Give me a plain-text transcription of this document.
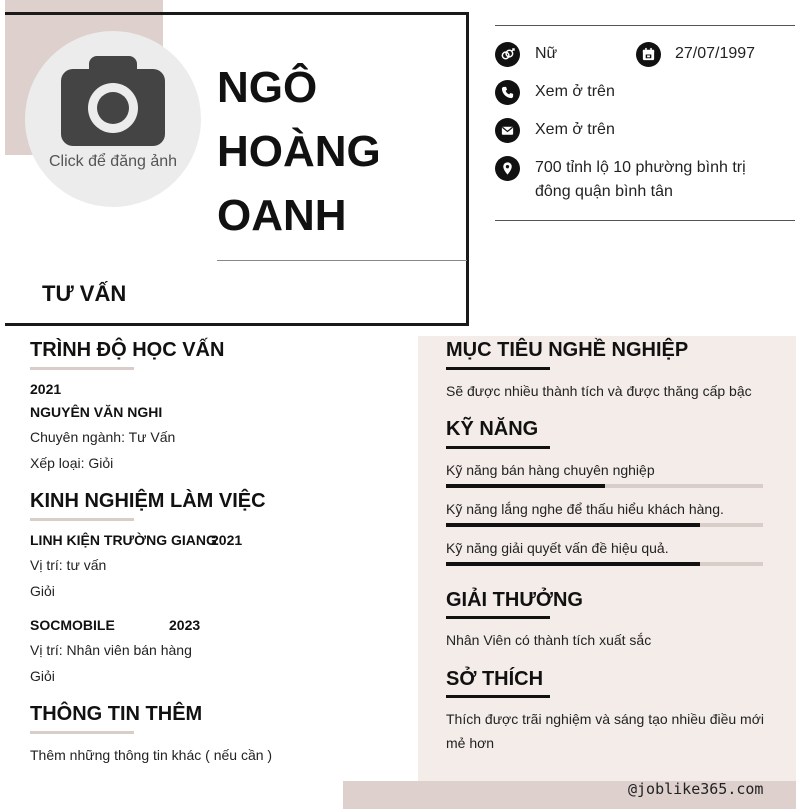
Click để đăng ảnh
NGÔ
HOÀNG
OANH
TƯ VẤN
Nữ	27/07/1997
Xem ở trên
Xem ở trên
700 tỉnh lộ 10 phường bình trị
đông quận bình tân
TRÌNH ĐỘ HỌC VẤN
2021
NGUYÊN VĂN NGHI
Chuyên ngành: Tư Vấn
Xếp loại: Giỏi
KINH NGHIỆM LÀM VIỆC
LINH KIỆN TRƯỜNG GIANG
2021
Vị trí: tư vấn
Giỏi
SOCMOBILE	2023
Vị trí: Nhân viên bán hàng
Giỏi
THÔNG TIN THÊM
Thêm những thông tin khác ( nếu cần )
MỤC TIÊU NGHỀ NGHIỆP
Sẽ được nhiều thành tích và được thăng cấp bậc
KỸ NĂNG
Kỹ năng bán hàng chuyên nghiệp
Kỹ năng lắng nghe để thấu hiểu khách hàng.
Kỹ năng giải quyết vấn đề hiệu quả.
GIẢI THƯỞNG
Nhân Viên có thành tích xuất sắc
SỞ THÍCH
Thích được trãi nghiệm và sáng tạo nhiều điều mới
mẻ hơn
@joblike365.com
